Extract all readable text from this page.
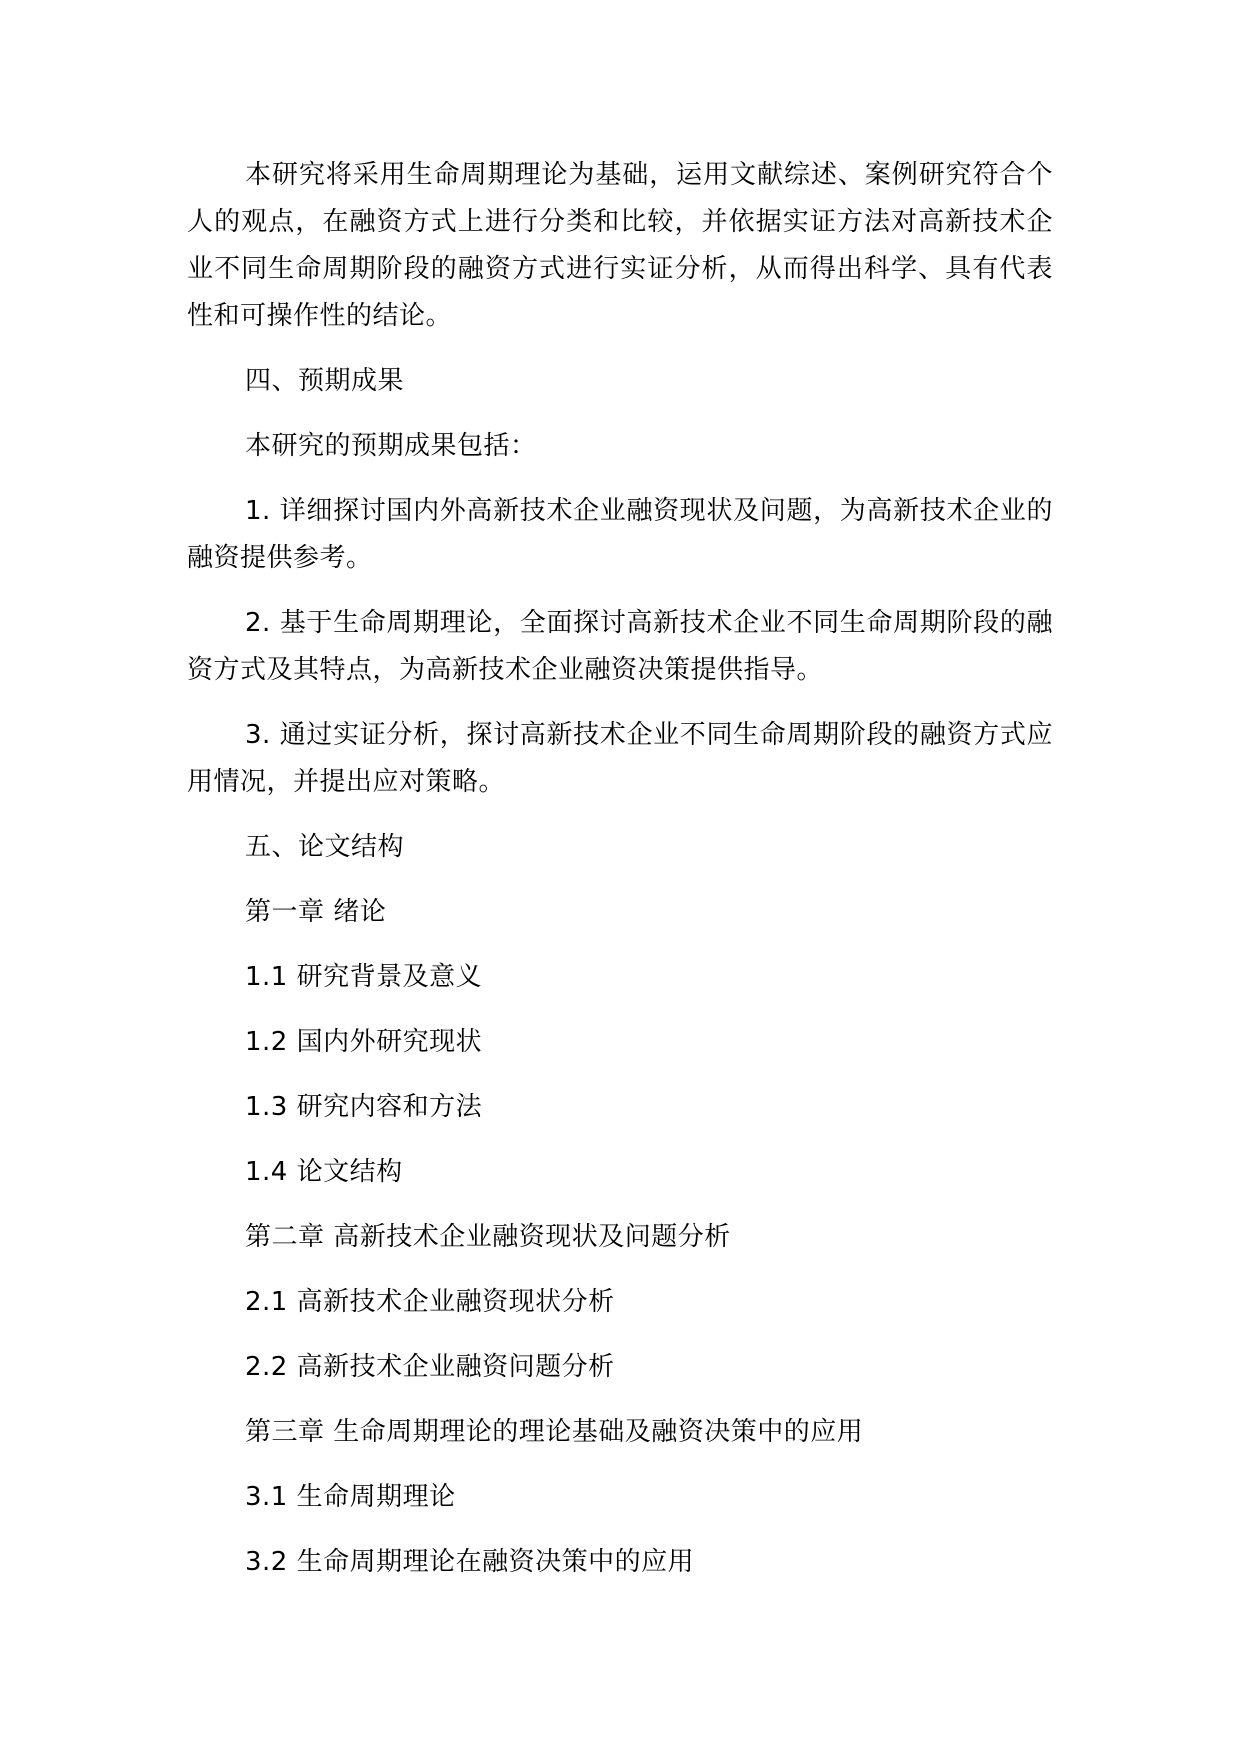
本研究将采用生命周期理论为基础，运用文献综述、案例研究符合个人的观点，在融资方式上进行分类和比较，并依据实证方法对高新技术企业不同生命周期阶段的融资方式进行实证分析，从而得出科学、具有代表性和可操作性的结论。

四、预期成果

本研究的预期成果包括：

1. 详细探讨国内外高新技术企业融资现状及问题，为高新技术企业的融资提供参考。

2. 基于生命周期理论，全面探讨高新技术企业不同生命周期阶段的融资方式及其特点，为高新技术企业融资决策提供指导。

3. 通过实证分析，探讨高新技术企业不同生命周期阶段的融资方式应用情况，并提出应对策略。

五、论文结构

第一章 绪论

1.1 研究背景及意义

1.2 国内外研究现状

1.3 研究内容和方法

1.4 论文结构

第二章 高新技术企业融资现状及问题分析

2.1 高新技术企业融资现状分析

2.2 高新技术企业融资问题分析

第三章 生命周期理论的理论基础及融资决策中的应用

3.1 生命周期理论

3.2 生命周期理论在融资决策中的应用
